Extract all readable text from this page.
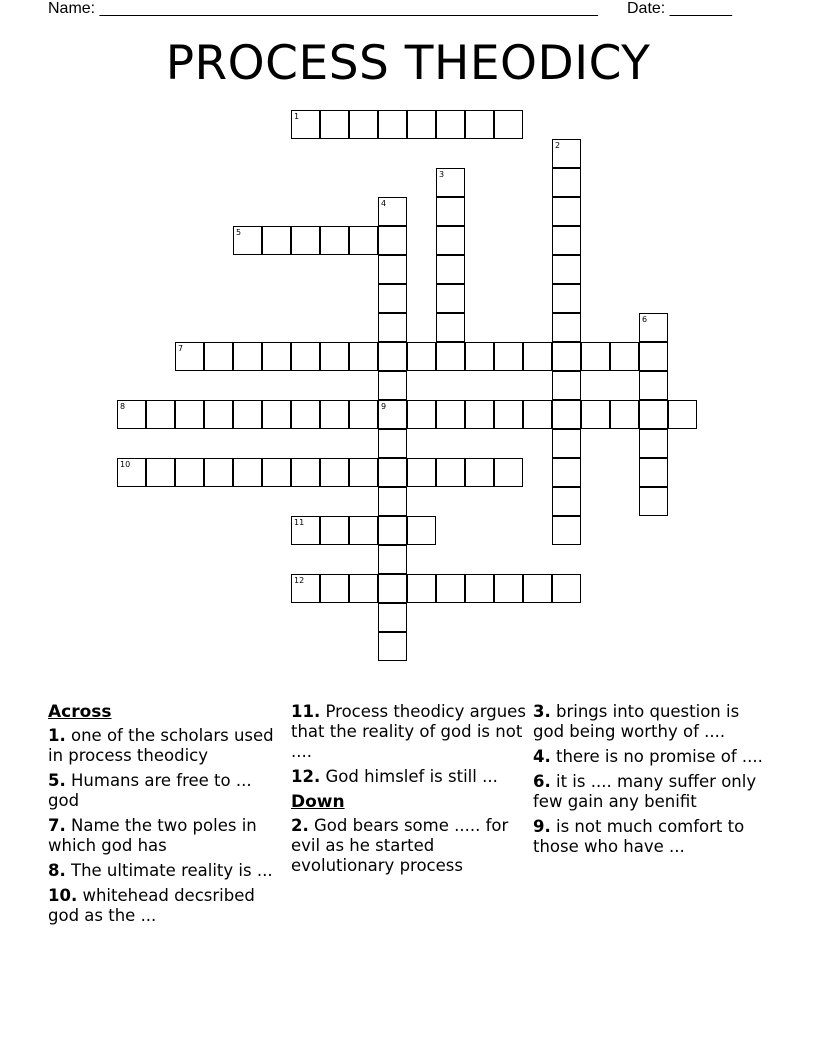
Name: ________________________________________________________ Date: _______
PROCESS THEODICY
1
2
3
4
9
5
6
7
8
10
11
12
Across
1. one of the scholars used in process theodicy
5. Humans are free to ... god
7. Name the two poles in which god has
8. The ultimate reality is ...
10. whitehead decsribed god as the ...
11. Process theodicy argues that the reality of god is not ....
12. God himslef is still ...
Down
2. God bears some ..... for evil as he started evolutionary process
3. brings into question is god being worthy of ....
4. there is no promise of ....
6. it is .... many suffer only few gain any benifit
9. is not much comfort to those who have ...
